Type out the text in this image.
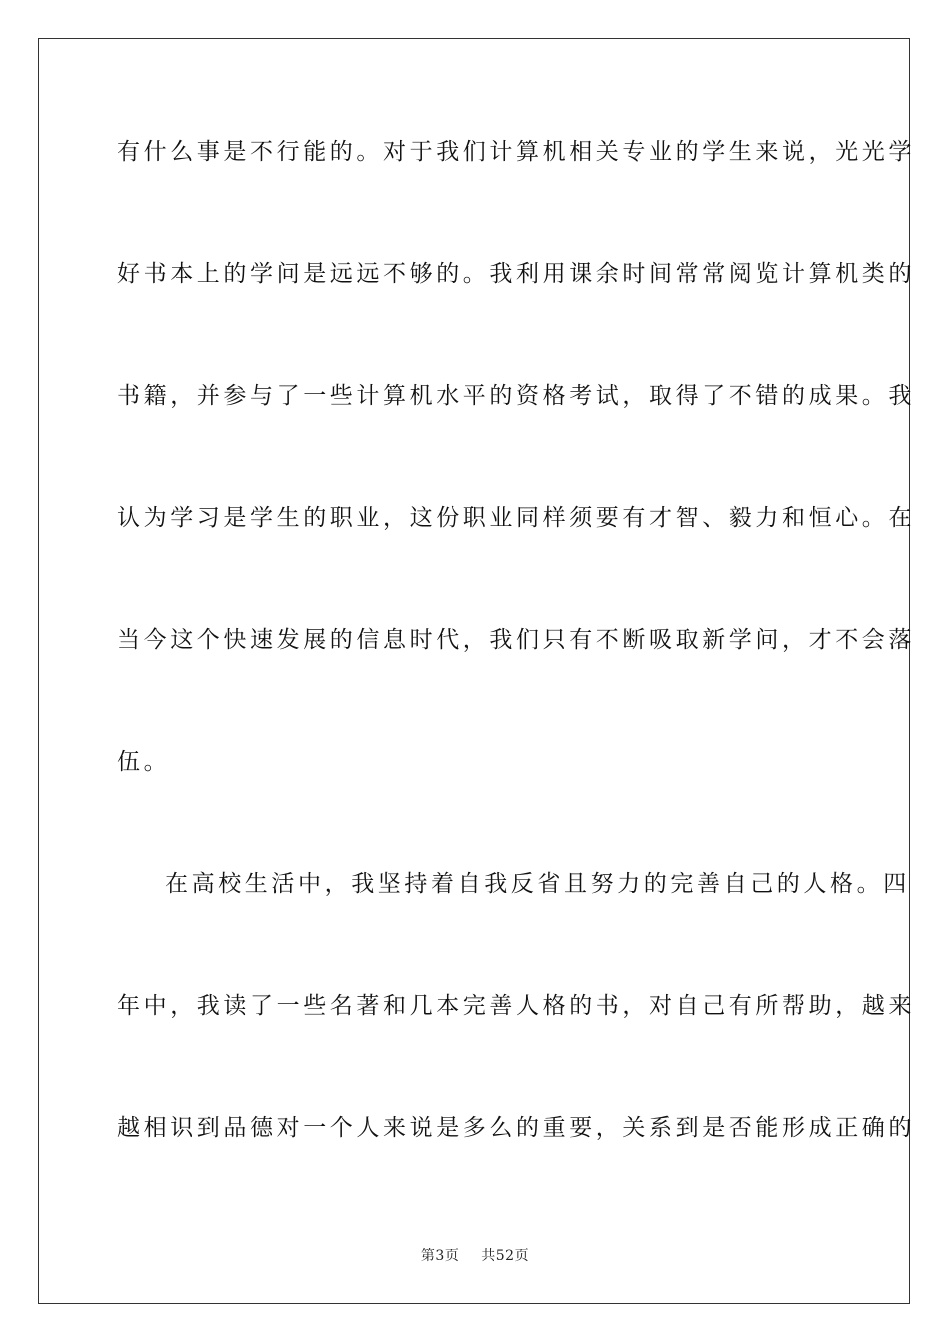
有什么事是不行能的。对于我们计算机相关专业的学生来说，光光学
好书本上的学问是远远不够的。我利用课余时间常常阅览计算机类的
书籍，并参与了一些计算机水平的资格考试，取得了不错的成果。我
认为学习是学生的职业，这份职业同样须要有才智、毅力和恒心。在
当今这个快速发展的信息时代，我们只有不断吸取新学问，才不会落
伍。
在高校生活中，我坚持着自我反省且努力的完善自己的人格。四
年中，我读了一些名著和几本完善人格的书，对自己有所帮助，越来
越相识到品德对一个人来说是多么的重要，关系到是否能形成正确的
第3页 共52页
